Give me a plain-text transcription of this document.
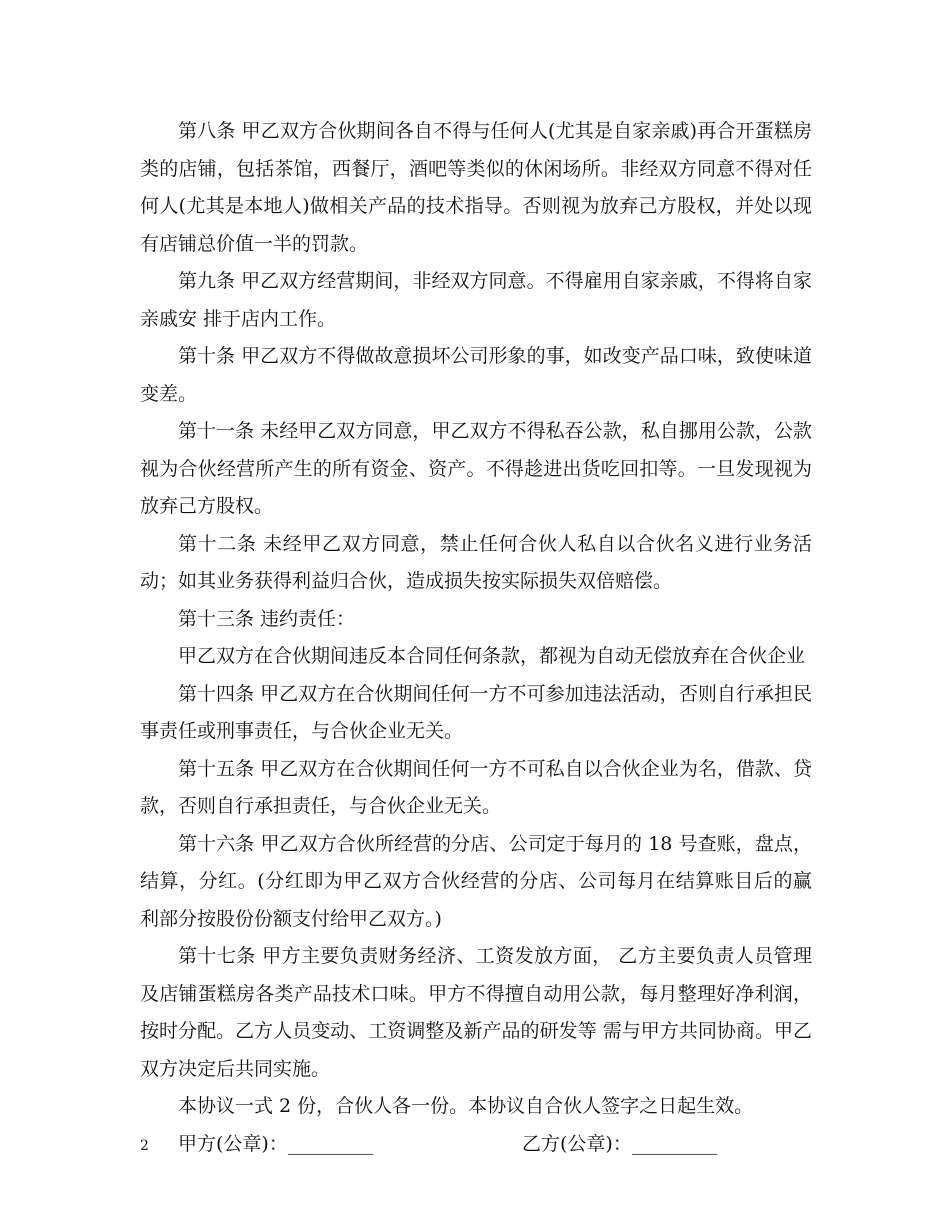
第八条 甲乙双方合伙期间各自不得与任何人(尤其是自家亲戚)再合开蛋糕房类的店铺，包括茶馆，西餐厅，酒吧等类似的休闲场所。非经双方同意不得对任何人(尤其是本地人)做相关产品的技术指导。否则视为放弃己方股权，并处以现有店铺总价值一半的罚款。

第九条 甲乙双方经营期间，非经双方同意。不得雇用自家亲戚，不得将自家亲戚安 排于店内工作。

第十条 甲乙双方不得做故意损坏公司形象的事，如改变产品口味，致使味道变差。

第十一条 未经甲乙双方同意，甲乙双方不得私吞公款，私自挪用公款，公款视为合伙经营所产生的所有资金、资产。不得趁进出货吃回扣等。一旦发现视为放弃己方股权。

第十二条 未经甲乙双方同意，禁止任何合伙人私自以合伙名义进行业务活动；如其业务获得利益归合伙，造成损失按实际损失双倍赔偿。

第十三条 违约责任：

甲乙双方在合伙期间违反本合同任何条款，都视为自动无偿放弃在合伙企业

第十四条 甲乙双方在合伙期间任何一方不可参加违法活动，否则自行承担民事责任或刑事责任，与合伙企业无关。

第十五条 甲乙双方在合伙期间任何一方不可私自以合伙企业为名，借款、贷款，否则自行承担责任，与合伙企业无关。

第十六条 甲乙双方合伙所经营的分店、公司定于每月的 18 号查账，盘点，结算，分红。(分红即为甲乙双方合伙经营的分店、公司每月在结算账目后的赢利部分按股份份额支付给甲乙双方。)

第十七条 甲方主要负责财务经济、工资发放方面， 乙方主要负责人员管理及店铺蛋糕房各类产品技术口味。甲方不得擅自动用公款，每月整理好净利润，按时分配。乙方人员变动、工资调整及新产品的研发等 需与甲方共同协商。甲乙双方决定后共同实施。

本协议一式 2 份，合伙人各一份。本协议自合伙人签字之日起生效。

甲方(公章)：_________	乙方(公章)：_________
2
